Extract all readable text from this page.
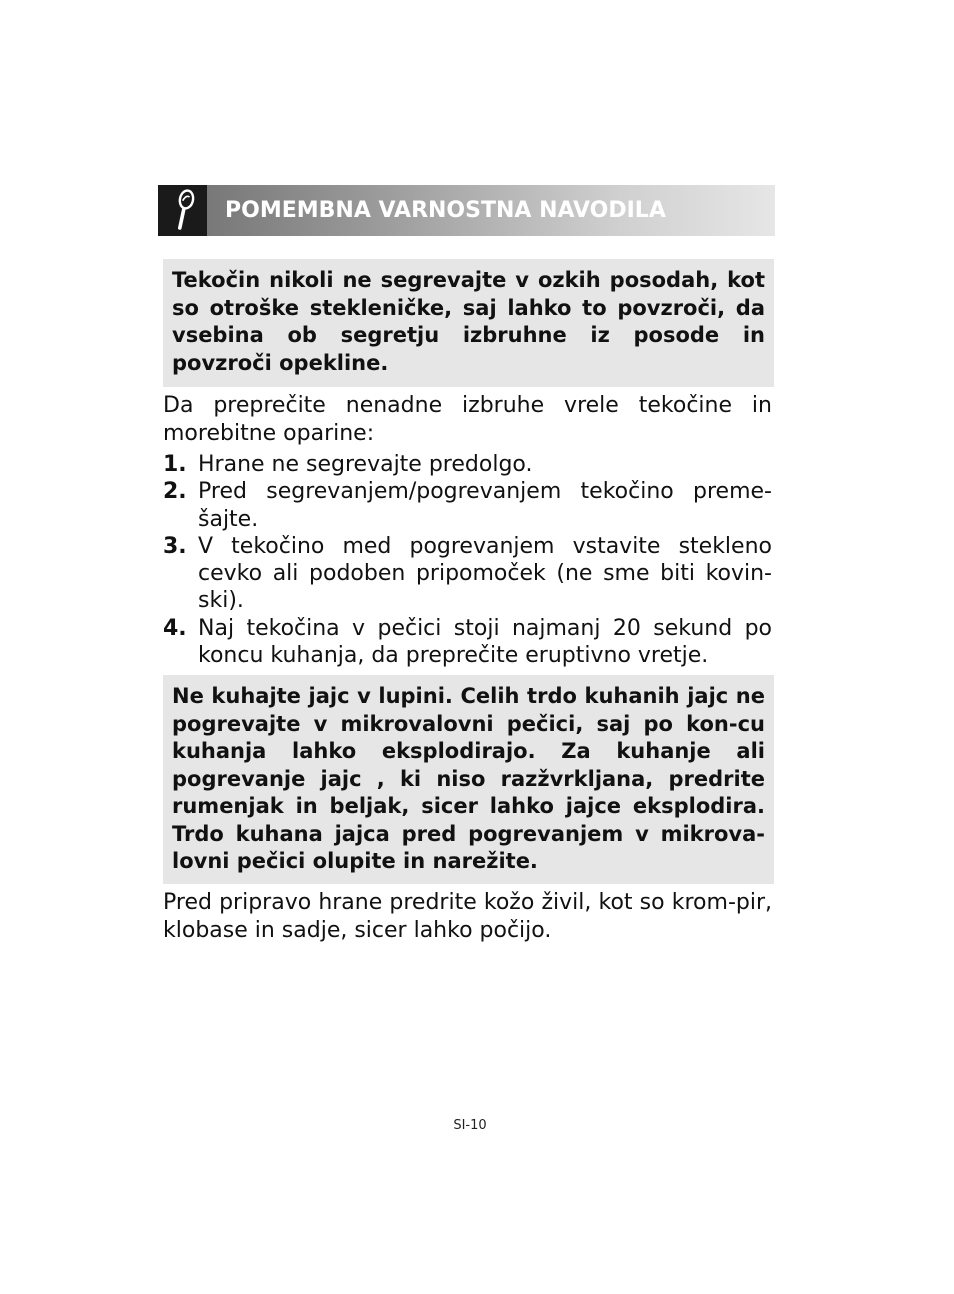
POMEMBNA VARNOSTNA NAVODILA
Tekočin nikoli ne segrevajte v ozkih posodah, kot so otroške stekleničke, saj lahko to povzroči, da vsebina ob segretju izbruhne iz posode in povzroči opekline.
Da preprečite nenadne izbruhe vrele tekočine in morebitne oparine:
1. Hrane ne segrevajte predolgo.
2. Pred segrevanjem/pogrevanjem tekočino preme-šajte.
3. V tekočino med pogrevanjem vstavite stekleno cevko ali podoben pripomoček (ne sme biti kovin-ski).
4. Naj tekočina v pečici stoji najmanj 20 sekund po koncu kuhanja, da preprečite eruptivno vretje.
Ne kuhajte jajc v lupini. Celih trdo kuhanih jajc ne pogrevajte v mikrovalovni pečici, saj po kon-cu kuhanja lahko eksplodirajo. Za kuhanje ali pogrevanje jajc , ki niso razžvrkljana, predrite rumenjak in beljak, sicer lahko jajce eksplodira. Trdo kuhana jajca pred pogrevanjem v mikrova-lovni pečici olupite in narežite.
Pred pripravo hrane predrite kožo živil, kot so krom-pir, klobase in sadje, sicer lahko počijo.
SI-10
